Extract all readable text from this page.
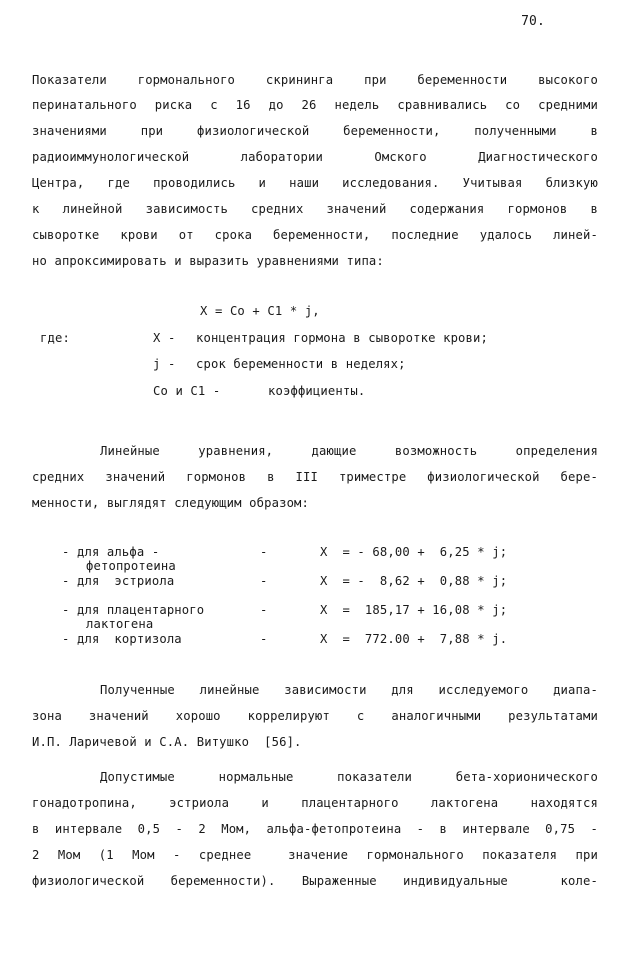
70.
Показатели гормонального скрининга при беременности высокого
перинатального риска с 16 до 26 недель сравнивались со средними
значениями при физиологической беременности, полученными в
радиоиммунологической лаборатории Омского Диагностического
Центра, где проводились и наши исследования. Учитывая близкую
к линейной зависимость средних значений содержания гормонов в
сыворотке крови от срока беременности, последние удалось линей-
но апроксимировать и выразить уравнениями типа:
X = Co + C1 * j,
где:	X - концентрация гормона в сыворотке крови;
j - срок беременности в неделях;
Co и C1 -	коэффициенты.
Линейные уравнения, дающие возможность определения
средних значений гормонов в III триместре физиологической бере-
менности, выглядят следующим образом:
- для альфа -
фетопротеина
-	X  = - 68,00 +  6,25 * j;
- для  эстриола	-	X  = -  8,62 +  0,88 * j;
- для плацентарного
лактогена
-	X  =  185,17 + 16,08 * j;
- для  кортизола	-	X  =  772.00 +  7,88 * j.
Полученные линейные зависимости для исследуемого диапа-
зона значений хорошо коррелируют с аналогичными результатами
И.П. Ларичевой и С.А. Витушко  [56].
Допустимые нормальные показатели бета-хорионического
гонадотропина, эстриола и плацентарного лактогена находятся
в интервале 0,5 - 2 Мом, альфа-фетопротеина - в интервале 0,75 -
2 Мом (1 Мом - среднее  значение гормонального показателя при
физиологической беременности). Выраженные индивидуальные  коле-
